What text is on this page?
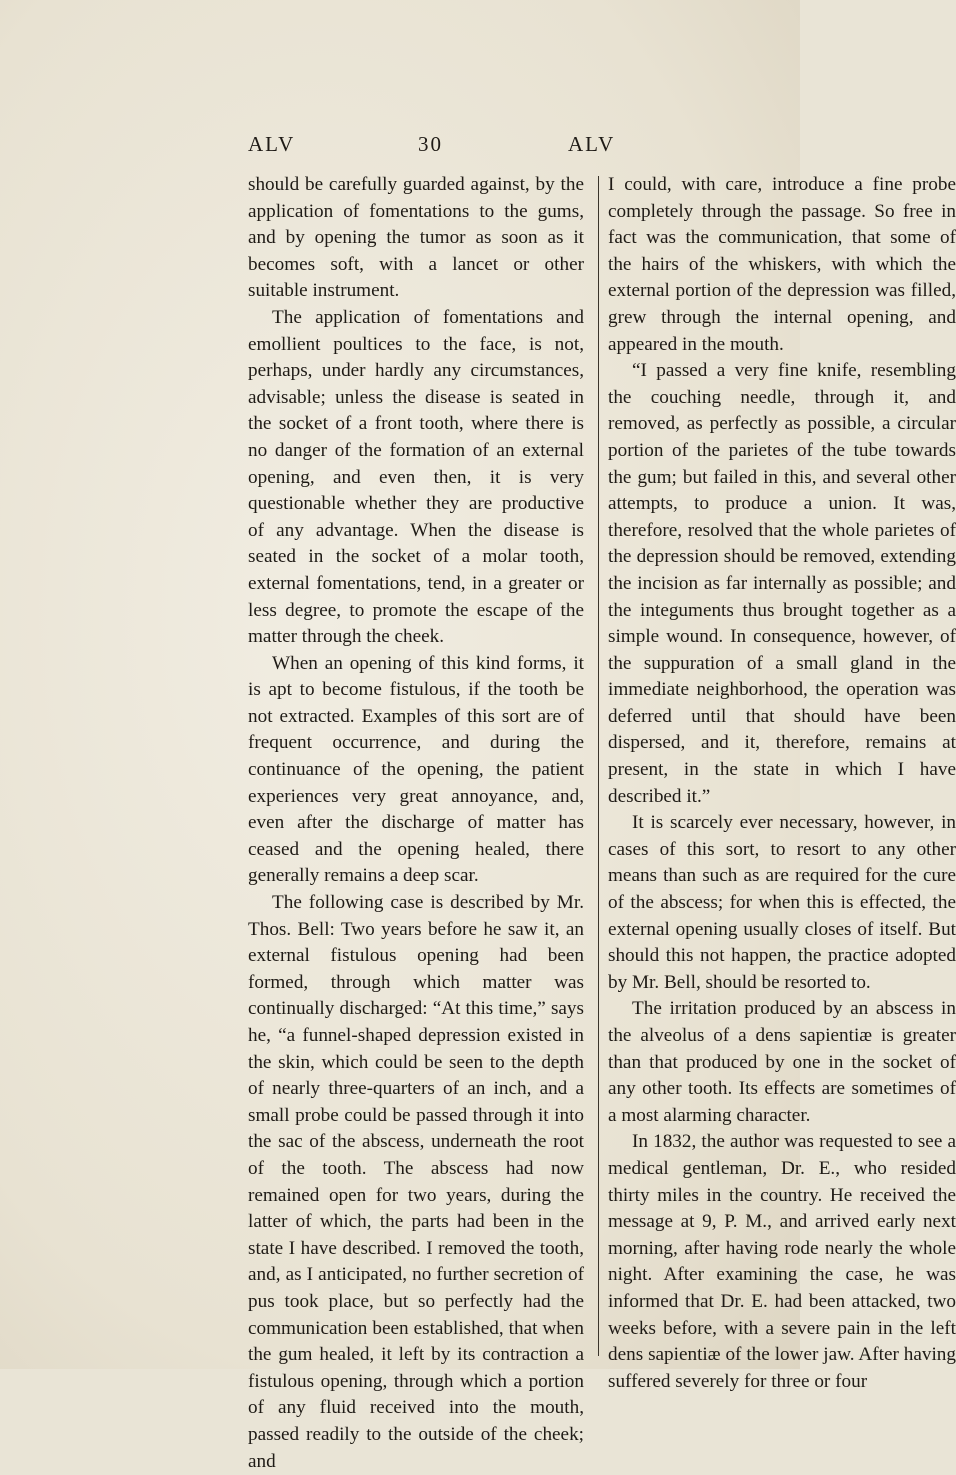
ALV	30	ALV

should be carefully guarded against, by the application of fomentations to the gums, and by opening the tumor as soon as it becomes soft, with a lancet or other suitable instrument.

The application of fomentations and emollient poultices to the face, is not, perhaps, under hardly any circumstances, advisable; unless the disease is seated in the socket of a front tooth, where there is no danger of the formation of an external opening, and even then, it is very questionable whether they are productive of any advantage. When the disease is seated in the socket of a molar tooth, external fomentations, tend, in a greater or less degree, to promote the escape of the matter through the cheek.

When an opening of this kind forms, it is apt to become fistulous, if the tooth be not extracted. Examples of this sort are of frequent occurrence, and during the continuance of the opening, the patient experiences very great annoyance, and, even after the discharge of matter has ceased and the opening healed, there generally remains a deep scar.

The following case is described by Mr. Thos. Bell: Two years before he saw it, an external fistulous opening had been formed, through which matter was continually discharged: “At this time,” says he, “a funnel-shaped depression existed in the skin, which could be seen to the depth of nearly three-quarters of an inch, and a small probe could be passed through it into the sac of the abscess, underneath the root of the tooth. The abscess had now remained open for two years, during the latter of which, the parts had been in the state I have described. I removed the tooth, and, as I anticipated, no further secretion of pus took place, but so perfectly had the communication been established, that when the gum healed, it left by its contraction a fistulous opening, through which a portion of any fluid received into the mouth, passed readily to the outside of the cheek; and

I could, with care, introduce a fine probe completely through the passage. So free in fact was the communication, that some of the hairs of the whiskers, with which the external portion of the depression was filled, grew through the internal opening, and appeared in the mouth.

“I passed a very fine knife, resembling the couching needle, through it, and removed, as perfectly as possible, a circular portion of the parietes of the tube towards the gum; but failed in this, and several other attempts, to produce a union. It was, therefore, resolved that the whole parietes of the depression should be removed, extending the incision as far internally as possible; and the integuments thus brought together as a simple wound. In consequence, however, of the suppuration of a small gland in the immediate neighborhood, the operation was deferred until that should have been dispersed, and it, therefore, remains at present, in the state in which I have described it.”

It is scarcely ever necessary, however, in cases of this sort, to resort to any other means than such as are required for the cure of the abscess; for when this is effected, the external opening usually closes of itself. But should this not happen, the practice adopted by Mr. Bell, should be resorted to.

The irritation produced by an abscess in the alveolus of a dens sapientiæ is greater than that produced by one in the socket of any other tooth. Its effects are sometimes of a most alarming character.

In 1832, the author was requested to see a medical gentleman, Dr. E., who resided thirty miles in the country. He received the message at 9, P. M., and arrived early next morning, after having rode nearly the whole night. After examining the case, he was informed that Dr. E. had been attacked, two weeks before, with a severe pain in the left dens sapientiæ of the lower jaw. After having suffered severely for three or four
